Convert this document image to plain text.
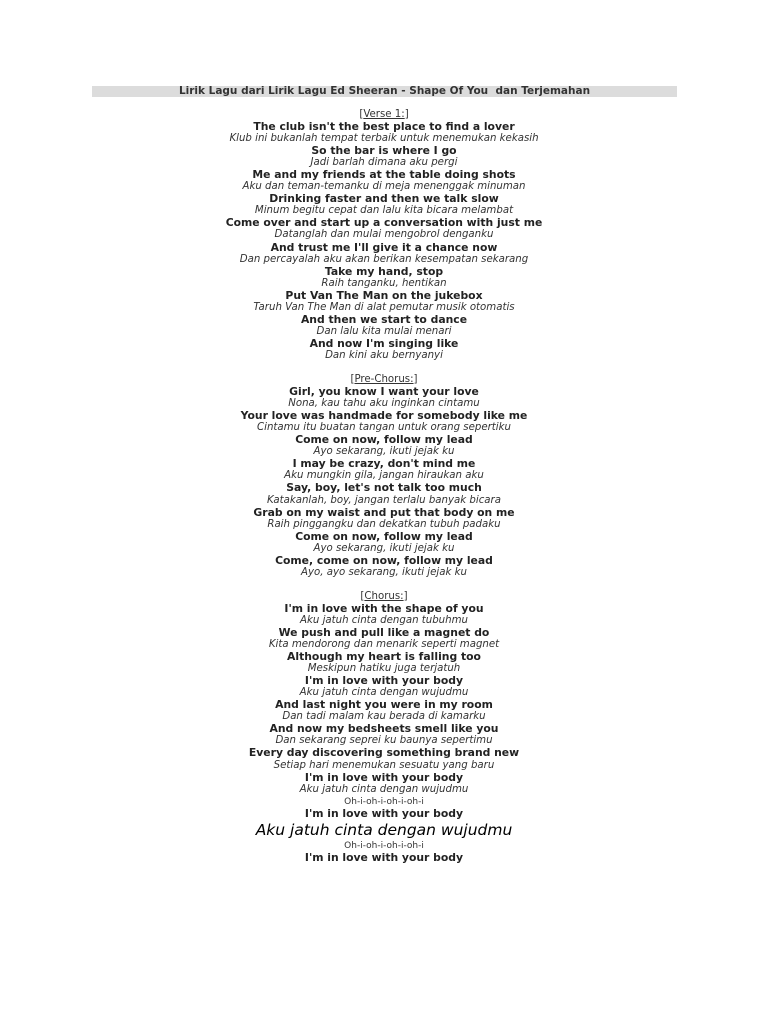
Lirik Lagu dari Lirik Lagu Ed Sheeran - Shape Of You  dan Terjemahan
[Verse 1:]
The club isn't the best place to find a lover
Klub ini bukanlah tempat terbaik untuk menemukan kekasih
So the bar is where I go
Jadi barlah dimana aku pergi
Me and my friends at the table doing shots
Aku dan teman-temanku di meja menenggak minuman
Drinking faster and then we talk slow
Minum begitu cepat dan lalu kita bicara melambat
Come over and start up a conversation with just me
Datanglah dan mulai mengobrol denganku
And trust me I'll give it a chance now
Dan percayalah aku akan berikan kesempatan sekarang
Take my hand, stop
Raih tanganku, hentikan
Put Van The Man on the jukebox
Taruh Van The Man di alat pemutar musik otomatis
And then we start to dance
Dan lalu kita mulai menari
And now I'm singing like
Dan kini aku bernyanyi
[Pre-Chorus:]
Girl, you know I want your love
Nona, kau tahu aku inginkan cintamu
Your love was handmade for somebody like me
Cintamu itu buatan tangan untuk orang sepertiku
Come on now, follow my lead
Ayo sekarang, ikuti jejak ku
I may be crazy, don't mind me
Aku mungkin gila, jangan hiraukan aku
Say, boy, let's not talk too much
Katakanlah, boy, jangan terlalu banyak bicara
Grab on my waist and put that body on me
Raih pinggangku dan dekatkan tubuh padaku
Come on now, follow my lead
Ayo sekarang, ikuti jejak ku
Come, come on now, follow my lead
Ayo, ayo sekarang, ikuti jejak ku
[Chorus:]
I'm in love with the shape of you
Aku jatuh cinta dengan tubuhmu
We push and pull like a magnet do
Kita mendorong dan menarik seperti magnet
Although my heart is falling too
Meskipun hatiku juga terjatuh
I'm in love with your body
Aku jatuh cinta dengan wujudmu
And last night you were in my room
Dan tadi malam kau berada di kamarku
And now my bedsheets smell like you
Dan sekarang seprei ku baunya sepertimu
Every day discovering something brand new
Setiap hari menemukan sesuatu yang baru
I'm in love with your body
Aku jatuh cinta dengan wujudmu
Oh-i-oh-i-oh-i-oh-i
I'm in love with your body
Aku jatuh cinta dengan wujudmu
Oh-i-oh-i-oh-i-oh-i
I'm in love with your body
